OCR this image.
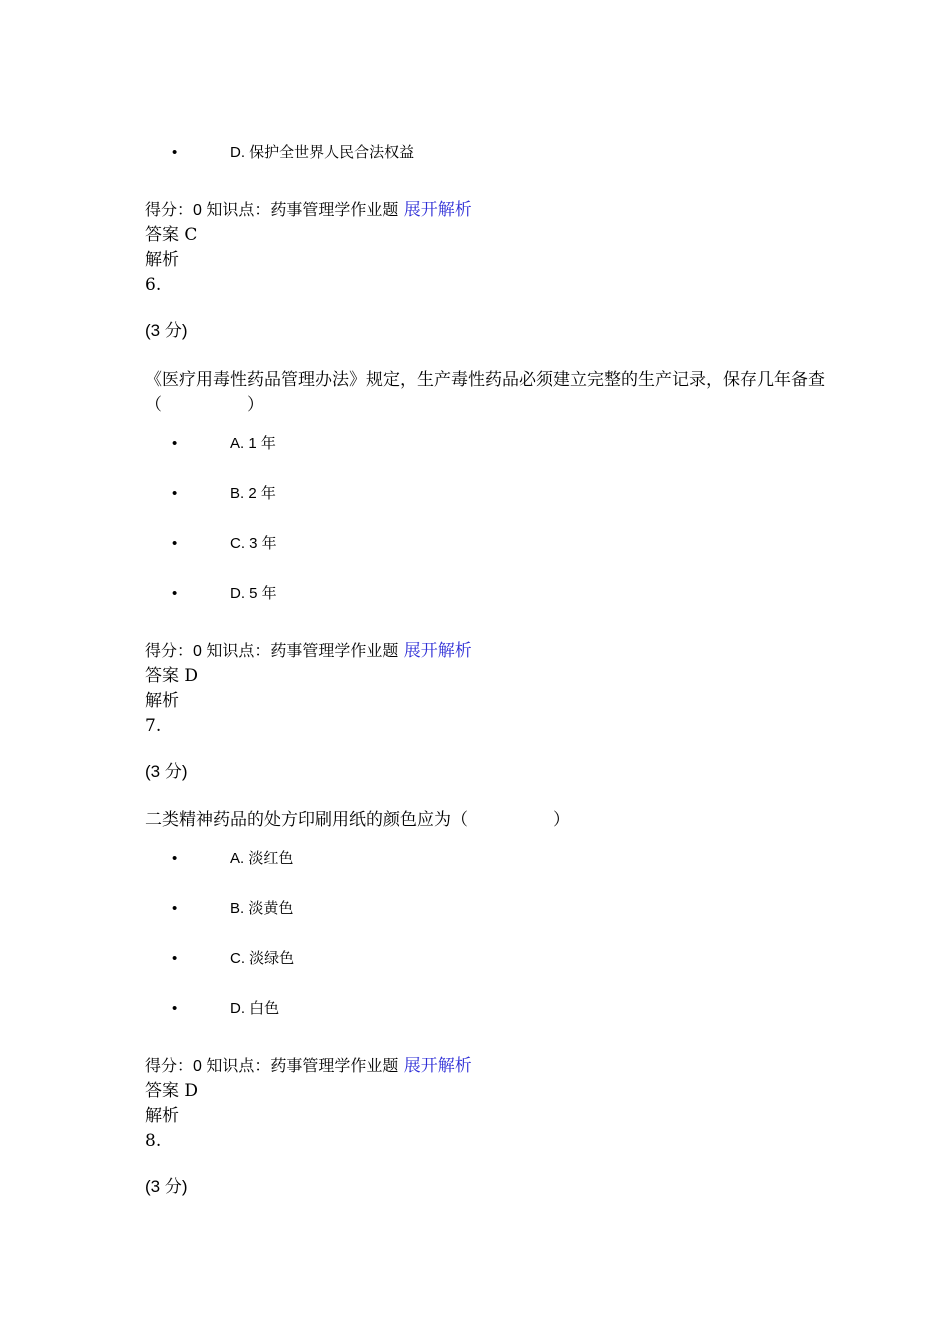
•	D. 保护全世界人民合法权益
得分：0 知识点：药事管理学作业题 展开解析
答案 C
解析
6.
(3 分)
《医疗用毒性药品管理办法》规定，生产毒性药品必须建立完整的生产记录，保存几年备查（　　　　　）
•	A. 1 年
•	B. 2 年
•	C. 3 年
•	D. 5 年
得分：0 知识点：药事管理学作业题 展开解析
答案 D
解析
7.
(3 分)
二类精神药品的处方印刷用纸的颜色应为（　　　　　）
•	A. 淡红色
•	B. 淡黄色
•	C. 淡绿色
•	D. 白色
得分：0 知识点：药事管理学作业题 展开解析
答案 D
解析
8.
(3 分)
